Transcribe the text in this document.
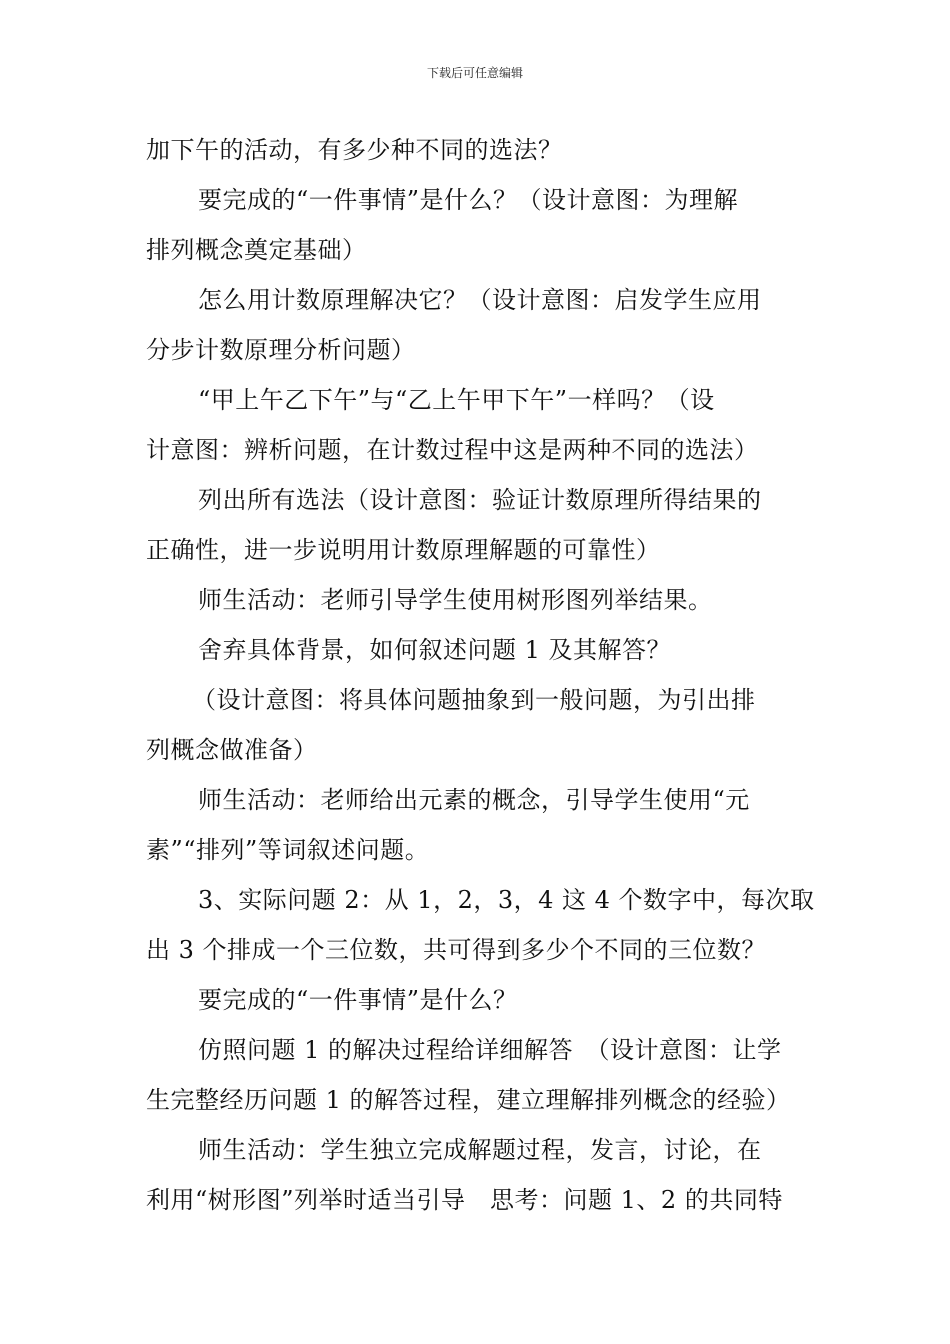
下载后可任意编辑
加下午的活动，有多少种不同的选法？
要完成的“一件事情”是什么？（设计意图：为理解
排列概念奠定基础）
怎么用计数原理解决它？（设计意图：启发学生应用
分步计数原理分析问题）
“甲上午乙下午”与“乙上午甲下午”一样吗？（设
计意图：辨析问题，在计数过程中这是两种不同的选法）
列出所有选法（设计意图：验证计数原理所得结果的
正确性，进一步说明用计数原理解题的可靠性）
师生活动：老师引导学生使用树形图列举结果。
舍弃具体背景，如何叙述问题 1 及其解答？
（设计意图：将具体问题抽象到一般问题，为引出排
列概念做准备）
师生活动：老师给出元素的概念，引导学生使用“元
素”“排列”等词叙述问题。
3、实际问题 2：从 1，2，3，4 这 4 个数字中，每次取
出 3 个排成一个三位数，共可得到多少个不同的三位数？
要完成的“一件事情”是什么？
仿照问题 1 的解决过程给详细解答　（设计意图：让学
生完整经历问题 1 的解答过程，建立理解排列概念的经验）
师生活动：学生独立完成解题过程，发言，讨论，在
利用“树形图”列举时适当引导　思考：问题 1、2 的共同特
